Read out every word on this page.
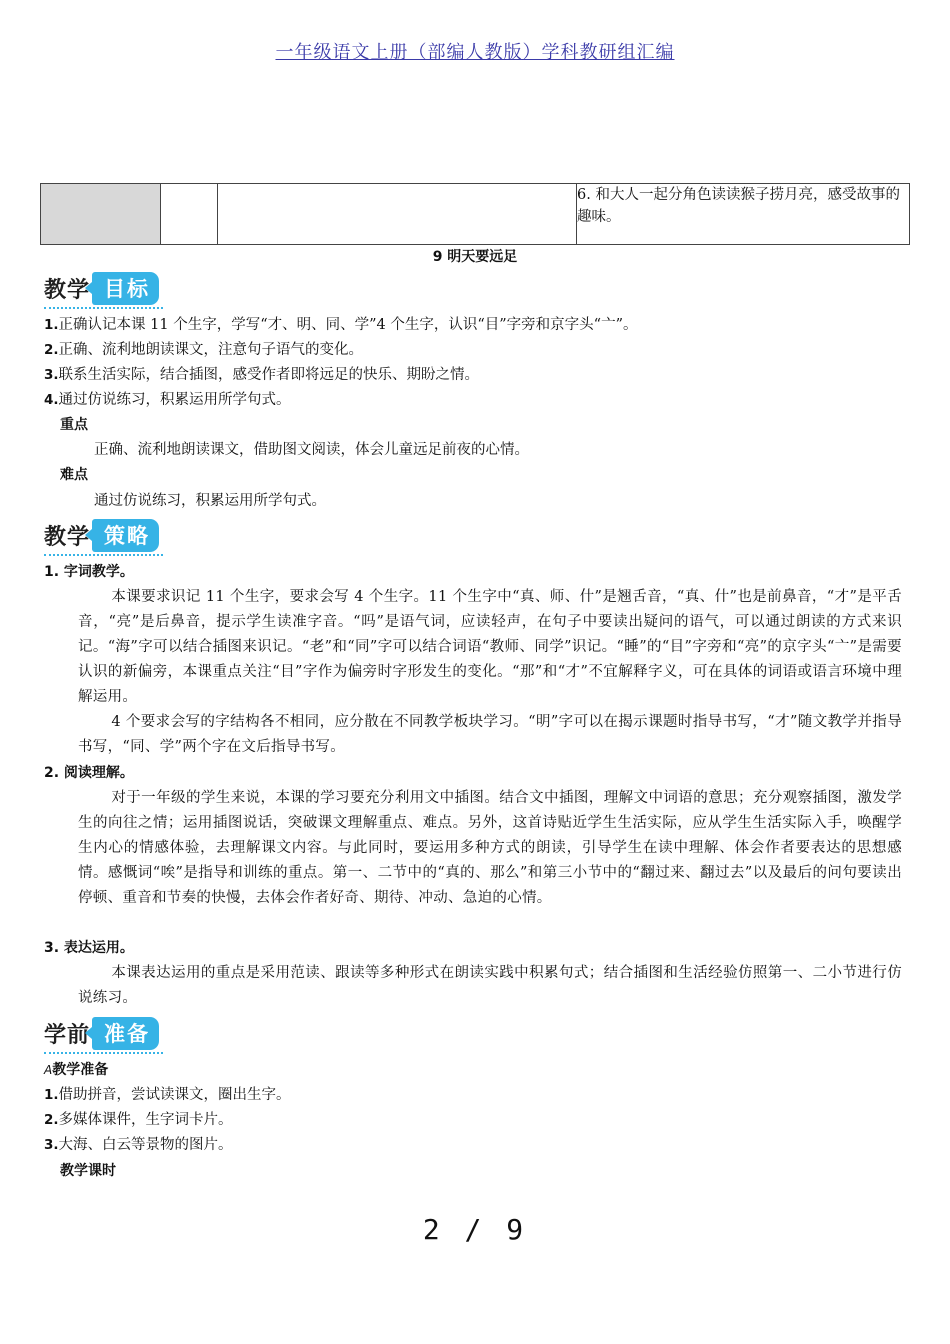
一年级语文上册（部编人教版）学科教研组汇编
			6. 和大人一起分角色读读猴子捞月亮，感受故事的趣味。
9 明天要远足
教学 目标
1.正确认记本课 11 个生字，学写“才、明、同、学”4 个生字，认识“目”字旁和京字头“亠”。
2.正确、流利地朗读课文，注意句子语气的变化。
3.联系生活实际，结合插图，感受作者即将远足的快乐、期盼之情。
4.通过仿说练习，积累运用所学句式。
重点
正确、流利地朗读课文，借助图文阅读，体会儿童远足前夜的心情。
难点
通过仿说练习，积累运用所学句式。
教学 策略
1. 字词教学。
本课要求识记 11 个生字，要求会写 4 个生字。11 个生字中“真、师、什”是翘舌音，“真、什”也是前鼻音，“才”是平舌音，“亮”是后鼻音，提示学生读准字音。“吗”是语气词，应读轻声，在句子中要读出疑问的语气，可以通过朗读的方式来识记。“海”字可以结合插图来识记。“老”和“同”字可以结合词语“教师、同学”识记。“睡”的“目”字旁和“亮”的京字头“亠”是需要认识的新偏旁，本课重点关注“目”字作为偏旁时字形发生的变化。“那”和“才”不宜解释字义，可在具体的词语或语言环境中理解运用。
4 个要求会写的字结构各不相同，应分散在不同教学板块学习。“明”字可以在揭示课题时指导书写，“才”随文教学并指导书写，“同、学”两个字在文后指导书写。
2. 阅读理解。
对于一年级的学生来说，本课的学习要充分利用文中插图。结合文中插图，理解文中词语的意思；充分观察插图，激发学生的向往之情；运用插图说话，突破课文理解重点、难点。另外，这首诗贴近学生生活实际，应从学生生活实际入手，唤醒学生内心的情感体验，去理解课文内容。与此同时，要运用多种方式的朗读，引导学生在读中理解、体会作者要表达的思想感情。感慨词“唉”是指导和训练的重点。第一、二节中的“真的、那么”和第三小节中的“翻过来、翻过去”以及最后的问句要读出停顿、重音和节奏的快慢，去体会作者好奇、期待、冲动、急迫的心情。
3. 表达运用。
本课表达运用的重点是采用范读、跟读等多种形式在朗读实践中积累句式；结合插图和生活经验仿照第一、二小节进行仿说练习。
学前 准备
A教学准备
1.借助拼音，尝试读课文，圈出生字。
2.多媒体课件，生字词卡片。
3.大海、白云等景物的图片。
教学课时
2 / 9
